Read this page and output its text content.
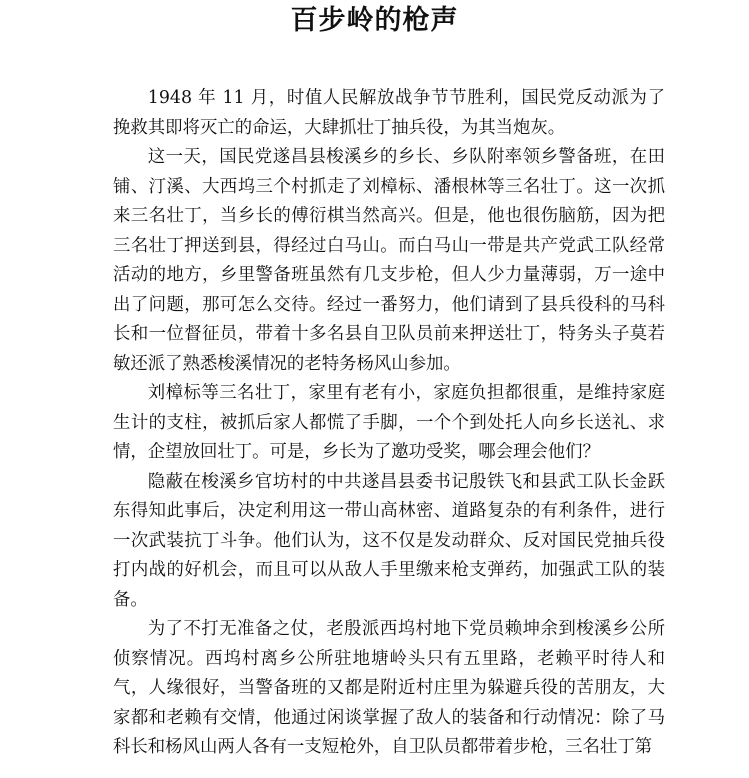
百步岭的枪声

1948 年 11 月，时值人民解放战争节节胜利，国民党反动派为了挽救其即将灭亡的命运，大肆抓壮丁抽兵役，为其当炮灰。

这一天，国民党遂昌县梭溪乡的乡长、乡队附率领乡警备班，在田铺、汀溪、大西坞三个村抓走了刘樟标、潘根林等三名壮丁。这一次抓来三名壮丁，当乡长的傅衍棋当然高兴。但是，他也很伤脑筋，因为把三名壮丁押送到县，得经过白马山。而白马山一带是共产党武工队经常活动的地方，乡里警备班虽然有几支步枪，但人少力量薄弱，万一途中出了问题，那可怎么交待。经过一番努力，他们请到了县兵役科的马科长和一位督征员，带着十多名县自卫队员前来押送壮丁，特务头子莫若敏还派了熟悉梭溪情况的老特务杨风山参加。

刘樟标等三名壮丁，家里有老有小，家庭负担都很重，是维持家庭生计的支柱，被抓后家人都慌了手脚，一个个到处托人向乡长送礼、求情，企望放回壮丁。可是，乡长为了邀功受奖，哪会理会他们？

隐蔽在梭溪乡官坊村的中共遂昌县委书记殷铁飞和县武工队长金跃东得知此事后，决定利用这一带山高林密、道路复杂的有利条件，进行一次武装抗丁斗争。他们认为，这不仅是发动群众、反对国民党抽兵役打内战的好机会，而且可以从敌人手里缴来枪支弹药，加强武工队的装备。

为了不打无准备之仗，老殷派西坞村地下党员赖坤余到梭溪乡公所侦察情况。西坞村离乡公所驻地塘岭头只有五里路，老赖平时待人和气，人缘很好，当警备班的又都是附近村庄里为躲避兵役的苦朋友，大家都和老赖有交情，他通过闲谈掌握了敌人的装备和行动情况：除了马科长和杨风山两人各有一支短枪外，自卫队员都带着步枪，三名壮丁第
